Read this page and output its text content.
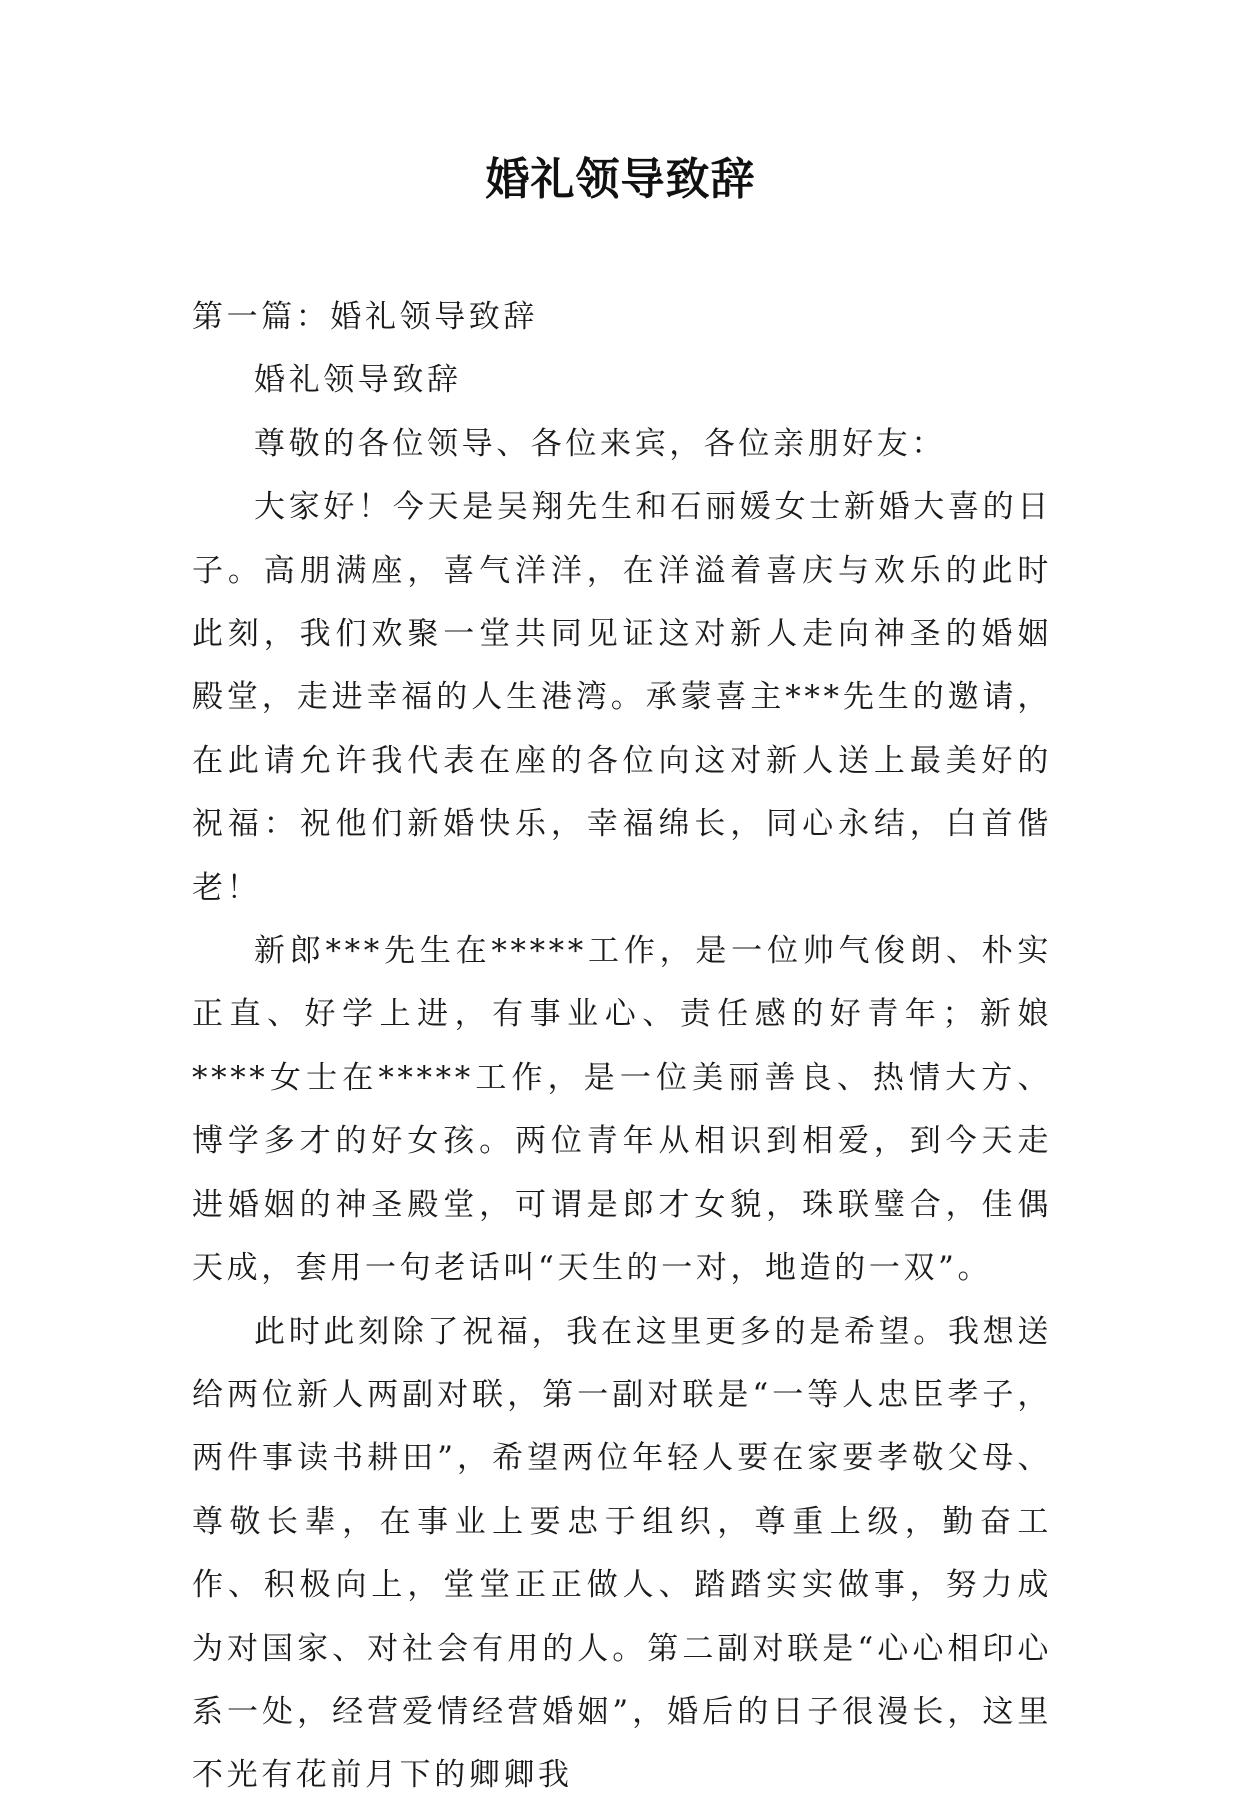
婚礼领导致辞

第一篇：婚礼领导致辞

婚礼领导致辞

尊敬的各位领导、各位来宾，各位亲朋好友：

大家好！今天是吴翔先生和石丽媛女士新婚大喜的日子。高朋满座，喜气洋洋，在洋溢着喜庆与欢乐的此时此刻，我们欢聚一堂共同见证这对新人走向神圣的婚姻殿堂，走进幸福的人生港湾。承蒙喜主***先生的邀请，在此请允许我代表在座的各位向这对新人送上最美好的祝福：祝他们新婚快乐，幸福绵长，同心永结，白首偕老！

新郎***先生在*****工作，是一位帅气俊朗、朴实正直、好学上进，有事业心、责任感的好青年；新娘****女士在*****工作，是一位美丽善良、热情大方、博学多才的好女孩。两位青年从相识到相爱，到今天走进婚姻的神圣殿堂，可谓是郎才女貌，珠联璧合，佳偶天成，套用一句老话叫“天生的一对，地造的一双”。

此时此刻除了祝福，我在这里更多的是希望。我想送给两位新人两副对联，第一副对联是“一等人忠臣孝子，两件事读书耕田”，希望两位年轻人要在家要孝敬父母、尊敬长辈，在事业上要忠于组织，尊重上级，勤奋工作、积极向上，堂堂正正做人、踏踏实实做事，努力成为对国家、对社会有用的人。第二副对联是“心心相印心系一处，经营爱情经营婚姻”，婚后的日子很漫长，这里不光有花前月下的卿卿我
